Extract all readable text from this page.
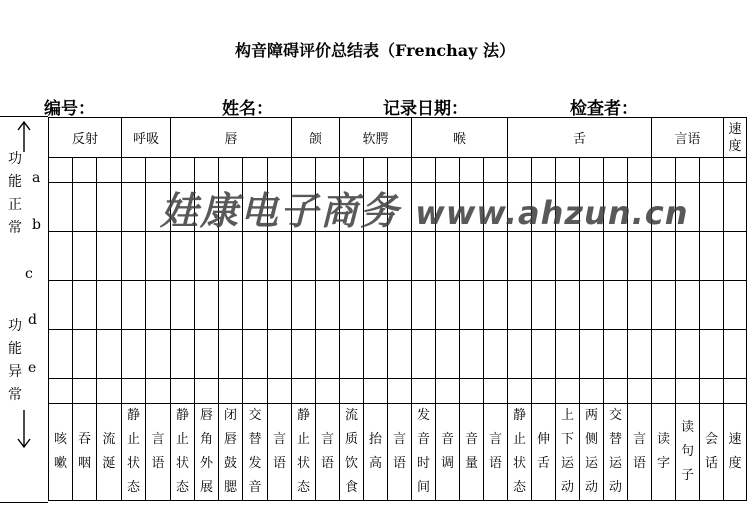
构音障碍评价总结表（Frenchay 法）
编号：	姓名：	记录日期：	检查者：
功
能
正
常
a
b
c
功 d
能
异 e
常
反射			呼吸		唇					颌		软腭			喉				舌						言语			速度

咳嗽	吞咽	流涎	静止状态	言语	静止状态	唇角外展	闭唇鼓腮	交替发音	言语	静止状态	言语	流质饮食	抬高	言语	发音时间	音调	音量	言语	静止状态	伸舌	上下运动	两侧运动	交替运动	言语	读字	读句子	会话	速度
娃康电子商务 www.ahzun.cn
